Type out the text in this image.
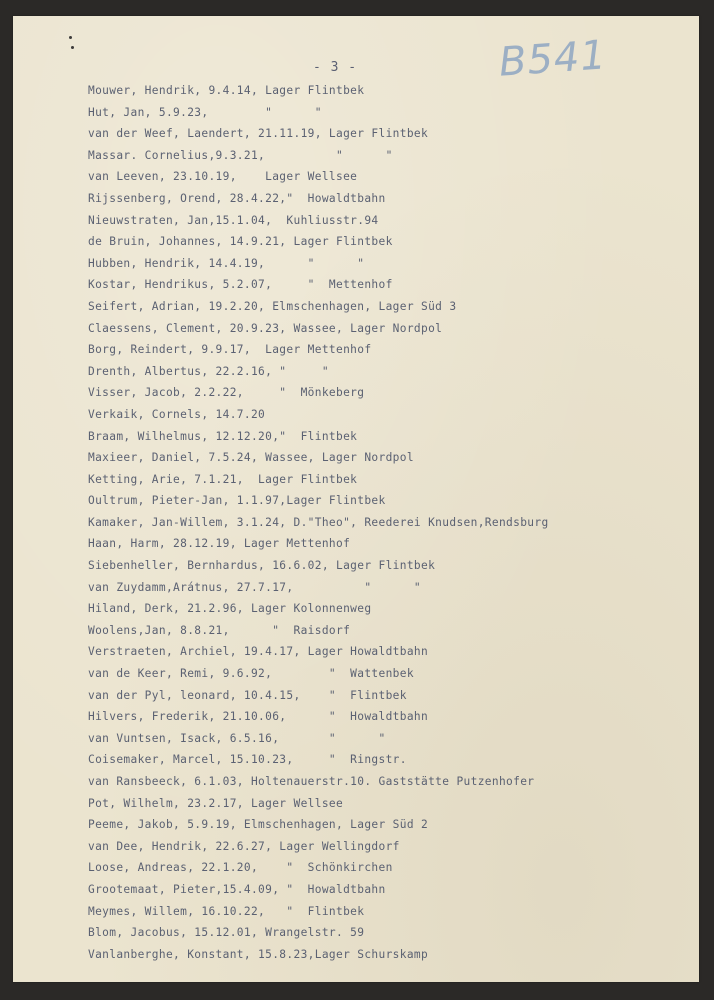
- 3 -	B541
Mouwer, Hendrik, 9.4.14, Lager Flintbek
Hut, Jan, 5.9.23,        "      "
van der Weef, Laendert, 21.11.19, Lager Flintbek
Massar. Cornelius,9.3.21,          "      "
van Leeven, 23.10.19,    Lager Wellsee
Rijssenberg, Orend, 28.4.22,"  Howaldtbahn
Nieuwstraten, Jan,15.1.04,  Kuhliusstr.94
de Bruin, Johannes, 14.9.21, Lager Flintbek
Hubben, Hendrik, 14.4.19,      "      "
Kostar, Hendrikus, 5.2.07,     "  Mettenhof
Seifert, Adrian, 19.2.20, Elmschenhagen, Lager Süd 3
Claessens, Clement, 20.9.23, Wassee, Lager Nordpol
Borg, Reindert, 9.9.17,  Lager Mettenhof
Drenth, Albertus, 22.2.16, "     "
Visser, Jacob, 2.2.22,     "  Mönkeberg
Verkaik, Cornels, 14.7.20
Braam, Wilhelmus, 12.12.20,"  Flintbek
Maxieer, Daniel, 7.5.24, Wassee, Lager Nordpol
Ketting, Arie, 7.1.21,  Lager Flintbek
Oultrum, Pieter-Jan, 1.1.97,Lager Flintbek
Kamaker, Jan-Willem, 3.1.24, D."Theo", Reederei Knudsen,Rendsburg
Haan, Harm, 28.12.19, Lager Mettenhof
Siebenheller, Bernhardus, 16.6.02, Lager Flintbek
van Zuydamm,Arátnus, 27.7.17,          "      "
Hiland, Derk, 21.2.96, Lager Kolonnenweg
Woolens,Jan, 8.8.21,      "  Raisdorf
Verstraeten, Archiel, 19.4.17, Lager Howaldtbahn
van de Keer, Remi, 9.6.92,        "  Wattenbek
van der Pyl, leonard, 10.4.15,    "  Flintbek
Hilvers, Frederik, 21.10.06,      "  Howaldtbahn
van Vuntsen, Isack, 6.5.16,       "      "
Coisemaker, Marcel, 15.10.23,     "  Ringstr.
van Ransbeeck, 6.1.03, Holtenauerstr.10. Gaststätte Putzenhofer
Pot, Wilhelm, 23.2.17, Lager Wellsee
Peeme, Jakob, 5.9.19, Elmschenhagen, Lager Süd 2
van Dee, Hendrik, 22.6.27, Lager Wellingdorf
Loose, Andreas, 22.1.20,    "  Schönkirchen
Grootemaat, Pieter,15.4.09, "  Howaldtbahn
Meymes, Willem, 16.10.22,   "  Flintbek
Blom, Jacobus, 15.12.01, Wrangelstr. 59
Vanlanberghe, Konstant, 15.8.23,Lager Schurskamp
